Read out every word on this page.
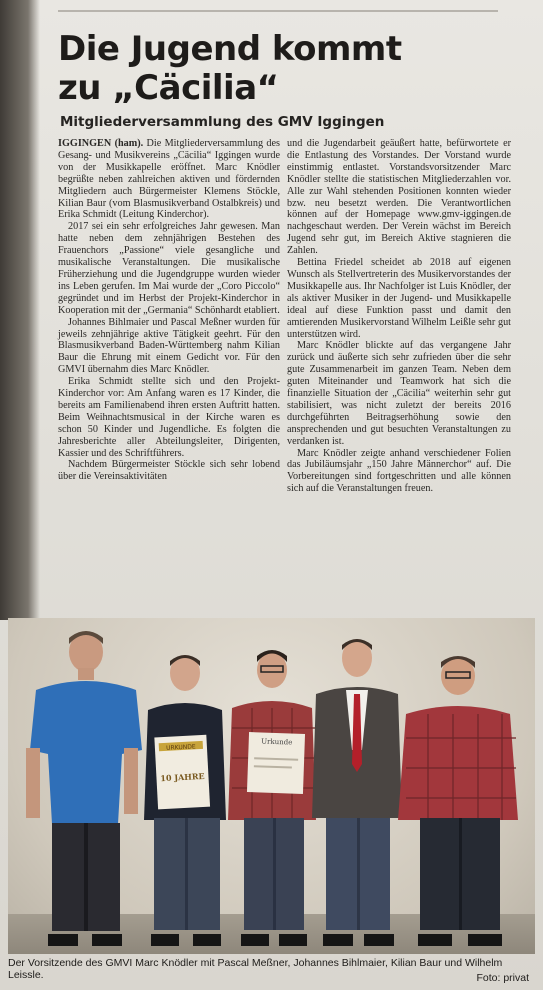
Die Jugend kommt
zu „Cäcilia“
Mitgliederversammlung des GMV Iggingen

IGGINGEN (ham). Die Mitgliederversammlung des Gesang- und Musikvereins „Cäcilia“ Iggingen wurde von der Musikkapelle eröffnet. Marc Knödler begrüßte neben zahlreichen aktiven und fördernden Mitgliedern auch Bürgermeister Klemens Stöckle, Kilian Baur (vom Blasmusikverband Ostalbkreis) und Erika Schmidt (Leitung Kinderchor).

2017 sei ein sehr erfolgreiches Jahr gewesen. Man hatte neben dem zehnjährigen Bestehen des Frauenchors „Passione“ viele gesangliche und musikalische Veranstaltungen. Die musikalische Früherziehung und die Jugendgruppe wurden wieder ins Leben gerufen. Im Mai wurde der „Coro Piccolo“ gegründet und im Herbst der Projekt-Kinderchor in Kooperation mit der „Germania“ Schönhardt etabliert.

Johannes Bihlmaier und Pascal Meßner wurden für jeweils zehnjährige aktive Tätigkeit geehrt. Für den Blasmusikverband Baden-Württemberg nahm Kilian Baur die Ehrung mit einem Gedicht vor. Für den GMVI übernahm dies Marc Knödler.

Erika Schmidt stellte sich und den Projekt-Kinderchor vor: Am Anfang waren es 17 Kinder, die bereits am Familienabend ihren ersten Auftritt hatten. Beim Weihnachtsmusical in der Kirche waren es schon 50 Kinder und Jugendliche. Es folgten die Jahresberichte aller Abteilungsleiter, Dirigenten, Kassier und des Schriftführers.

Nachdem Bürgermeister Stöckle sich sehr lobend über die Vereinsaktivitäten

und die Jugendarbeit geäußert hatte, befürwortete er die Entlastung des Vorstandes. Der Vorstand wurde einstimmig entlastet. Vorstandsvorsitzender Marc Knödler stellte die statistischen Mitgliederzahlen vor. Alle zur Wahl stehenden Positionen konnten wieder bzw. neu besetzt werden. Die Verantwortlichen können auf der Homepage www.gmv-iggingen.de nachgeschaut werden. Der Verein wächst im Bereich Jugend sehr gut, im Bereich Aktive stagnieren die Zahlen.

Bettina Friedel scheidet ab 2018 auf eigenen Wunsch als Stellvertreterin des Musikervorstandes der Musikkapelle aus. Ihr Nachfolger ist Luis Knödler, der als aktiver Musiker in der Jugend- und Musikkapelle ideal auf diese Funktion passt und damit den amtierenden Musikervorstand Wilhelm Leißle sehr gut unterstützen wird.

Marc Knödler blickte auf das vergangene Jahr zurück und äußerte sich sehr zufrieden über die sehr gute Zusammenarbeit im ganzen Team. Neben dem guten Miteinander und Teamwork hat sich die finanzielle Situation der „Cäcilia“ weiterhin sehr gut stabilisiert, was nicht zuletzt der bereits 2016 durchgeführten Beitragserhöhung sowie den ansprechenden und gut besuchten Veranstaltungen zu verdanken ist.

Marc Knödler zeigte anhand verschiedener Folien das Jubiläumsjahr „150 Jahre Männerchor“ auf. Die Vorbereitungen sind fortgeschritten und alle können sich auf die Veranstaltungen freuen.

URKUNDE
10 JAHRE
Urkunde
Der Vorsitzende des GMVI Marc Knödler mit Pascal Meßner, Johannes Bihlmaier, Kilian Baur und Wilhelm Leissle.	Foto: privat
